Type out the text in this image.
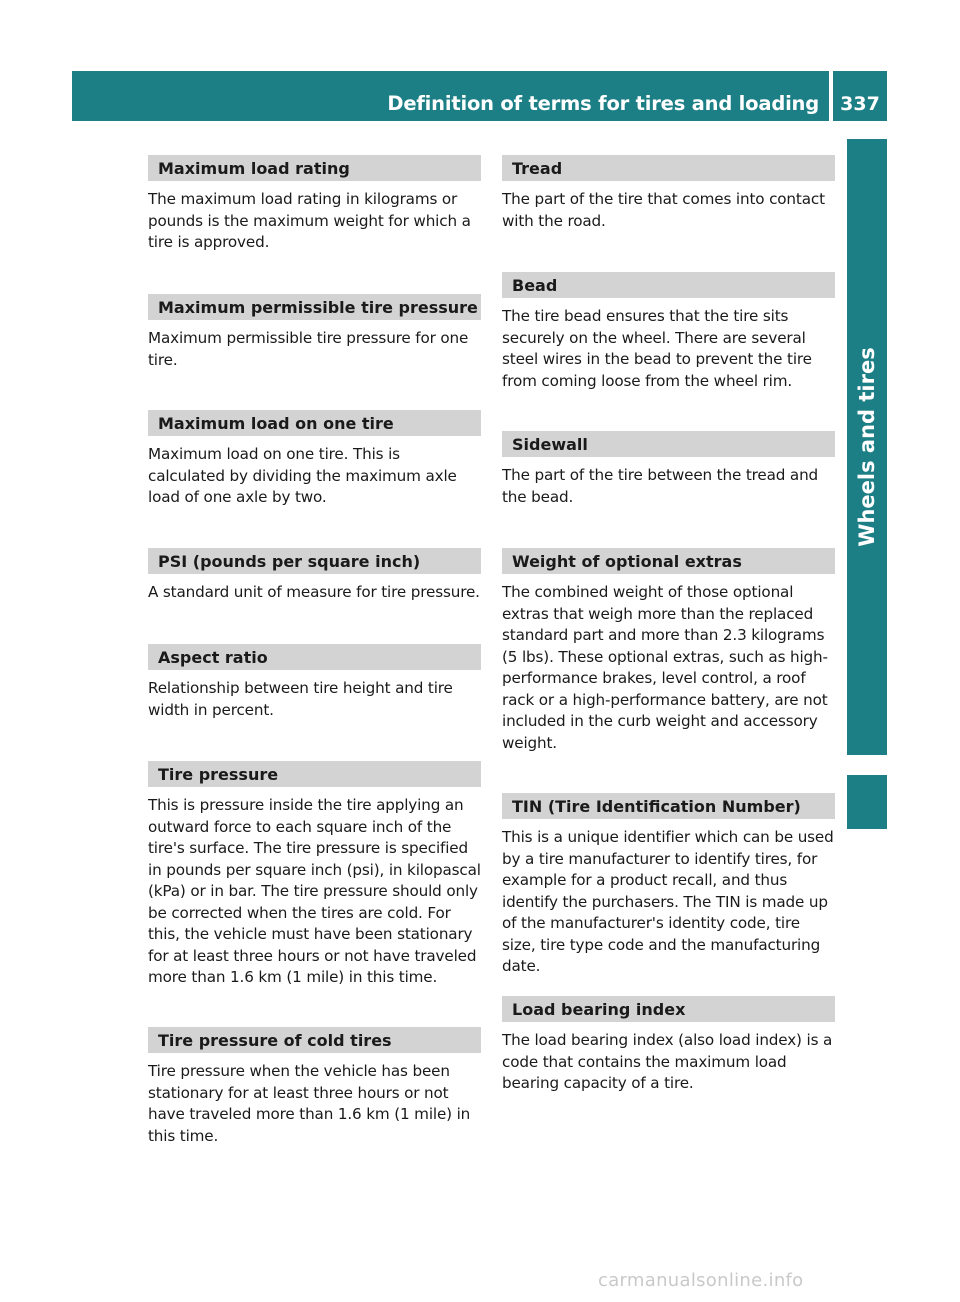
Definition of terms for tires and loading	337
Wheels and tires
Maximum load rating

The maximum load rating in kilograms or pounds is the maximum weight for which a tire is approved.

Maximum permissible tire pressure

Maximum permissible tire pressure for one tire.

Maximum load on one tire

Maximum load on one tire. This is calculated by dividing the maximum axle load of one axle by two.

PSI (pounds per square inch)

A standard unit of measure for tire pressure.

Aspect ratio

Relationship between tire height and tire width in percent.

Tire pressure

This is pressure inside the tire applying an outward force to each square inch of the tire's surface. The tire pressure is specified in pounds per square inch (psi), in kilopascal (kPa) or in bar. The tire pressure should only be corrected when the tires are cold. For this, the vehicle must have been stationary for at least three hours or not have traveled more than 1.6 km (1 mile) in this time.

Tire pressure of cold tires

Tire pressure when the vehicle has been stationary for at least three hours or not have traveled more than 1.6 km (1 mile) in this time.

Tread

The part of the tire that comes into contact with the road.

Bead

The tire bead ensures that the tire sits securely on the wheel. There are several steel wires in the bead to prevent the tire from coming loose from the wheel rim.

Sidewall

The part of the tire between the tread and the bead.

Weight of optional extras

The combined weight of those optional extras that weigh more than the replaced standard part and more than 2.3 kilograms (5 lbs). These optional extras, such as high-performance brakes, level control, a roof rack or a high-performance battery, are not included in the curb weight and accessory weight.

TIN (Tire Identification Number)

This is a unique identifier which can be used by a tire manufacturer to identify tires, for example for a product recall, and thus identify the purchasers. The TIN is made up of the manufacturer's identity code, tire size, tire type code and the manufacturing date.

Load bearing index

The load bearing index (also load index) is a code that contains the maximum load bearing capacity of a tire.

carmanualsonline.info
